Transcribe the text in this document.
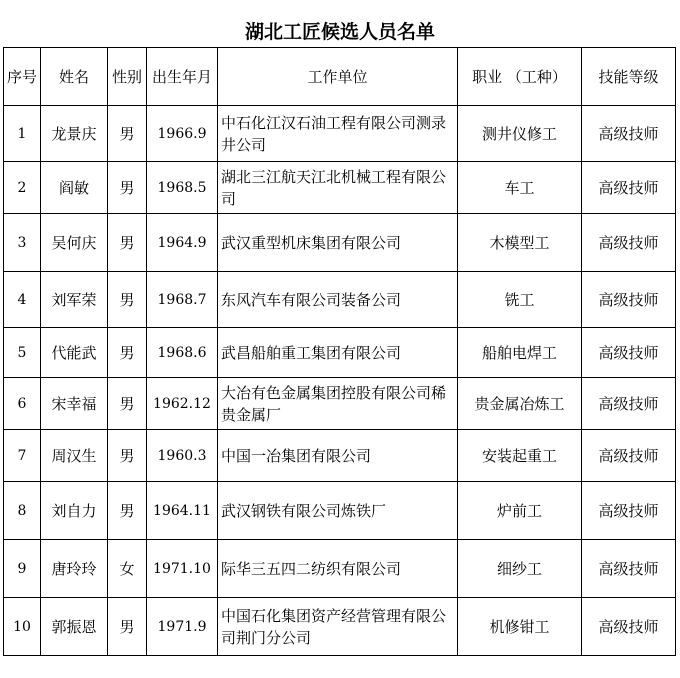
湖北工匠候选人员名单
序号	姓名	性别	出生年月	工作单位	职业 （工种）	技能等级
1	龙景庆	男	1966.9	中石化江汉石油工程有限公司测录井公司	测井仪修工	高级技师
2	阎敏	男	1968.5	湖北三江航天江北机械工程有限公司	车工	高级技师
3	吴何庆	男	1964.9	武汉重型机床集团有限公司	木模型工	高级技师
4	刘军荣	男	1968.7	东风汽车有限公司装备公司	铣工	高级技师
5	代能武	男	1968.6	武昌船舶重工集团有限公司	船舶电焊工	高级技师
6	宋幸福	男	1962.12	大冶有色金属集团控股有限公司稀贵金属厂	贵金属冶炼工	高级技师
7	周汉生	男	1960.3	中国一冶集团有限公司	安装起重工	高级技师
8	刘自力	男	1964.11	武汉钢铁有限公司炼铁厂	炉前工	高级技师
9	唐玲玲	女	1971.10	际华三五四二纺织有限公司	细纱工	高级技师
10	郭振恩	男	1971.9	中国石化集团资产经营管理有限公司荆门分公司	机修钳工	高级技师
